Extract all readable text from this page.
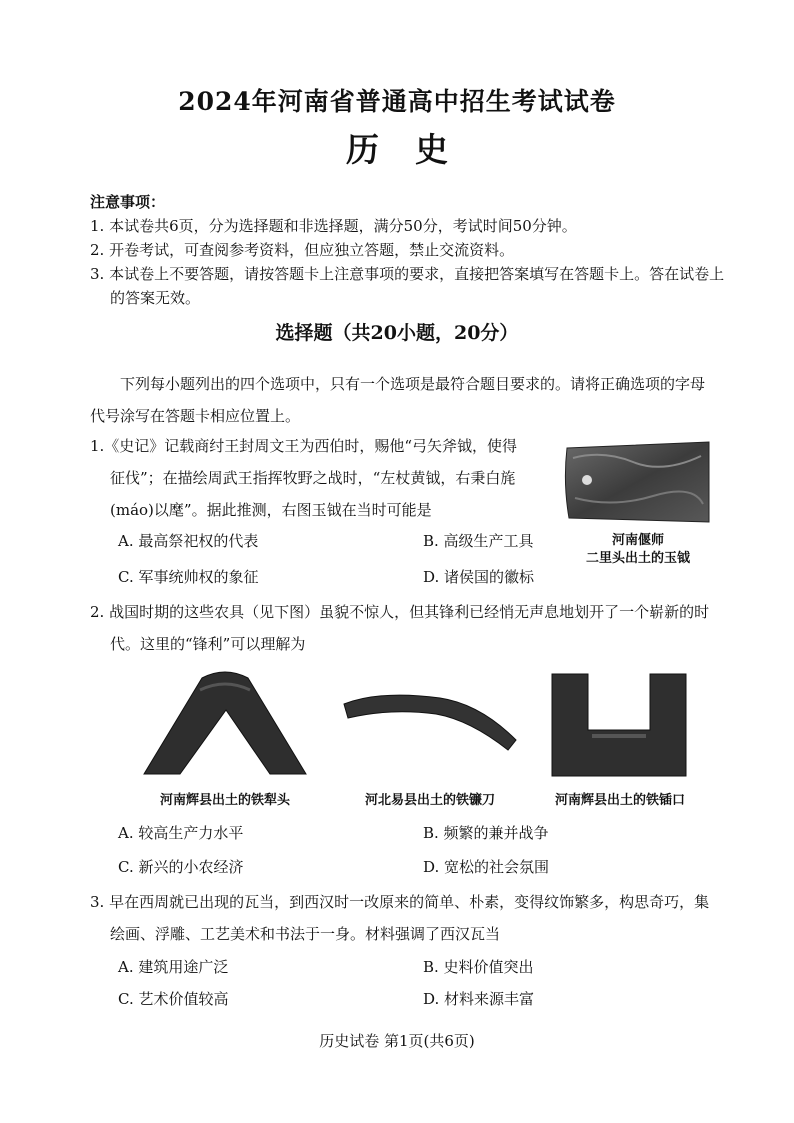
2024年河南省普通高中招生考试试卷
历史
注意事项：
1. 本试卷共6页，分为选择题和非选择题，满分50分，考试时间50分钟。
2. 开卷考试，可查阅参考资料，但应独立答题，禁止交流资料。
3. 本试卷上不要答题，请按答题卡上注意事项的要求，直接把答案填写在答题卡上。答在试卷上的答案无效。
选择题（共20小题，20分）
下列每小题列出的四个选项中，只有一个选项是最符合题目要求的。请将正确选项的字母代号涂写在答题卡相应位置上。
1.《史记》记载商纣王封周文王为西伯时，赐他“弓矢斧钺，使得征伐”；在描绘周武王指挥牧野之战时，“左杖黄钺，右秉白旄(máo)以麾”。据此推测，右图玉钺在当时可能是
河南偃师
二里头出土的玉钺
A. 最高祭祀权的代表	B. 高级生产工具
C. 军事统帅权的象征	D. 诸侯国的徽标
2. 战国时期的这些农具（见下图）虽貌不惊人，但其锋利已经悄无声息地划开了一个崭新的时代。这里的“锋利”可以理解为
河南辉县出土的铁犁头	河北易县出土的铁镰刀	河南辉县出土的铁锸口
A. 较高生产力水平	B. 频繁的兼并战争
C. 新兴的小农经济	D. 宽松的社会氛围
3. 早在西周就已出现的瓦当，到西汉时一改原来的简单、朴素，变得纹饰繁多，构思奇巧，集绘画、浮雕、工艺美术和书法于一身。材料强调了西汉瓦当
A. 建筑用途广泛	B. 史料价值突出
C. 艺术价值较高	D. 材料来源丰富
历史试卷 第1页(共6页)
